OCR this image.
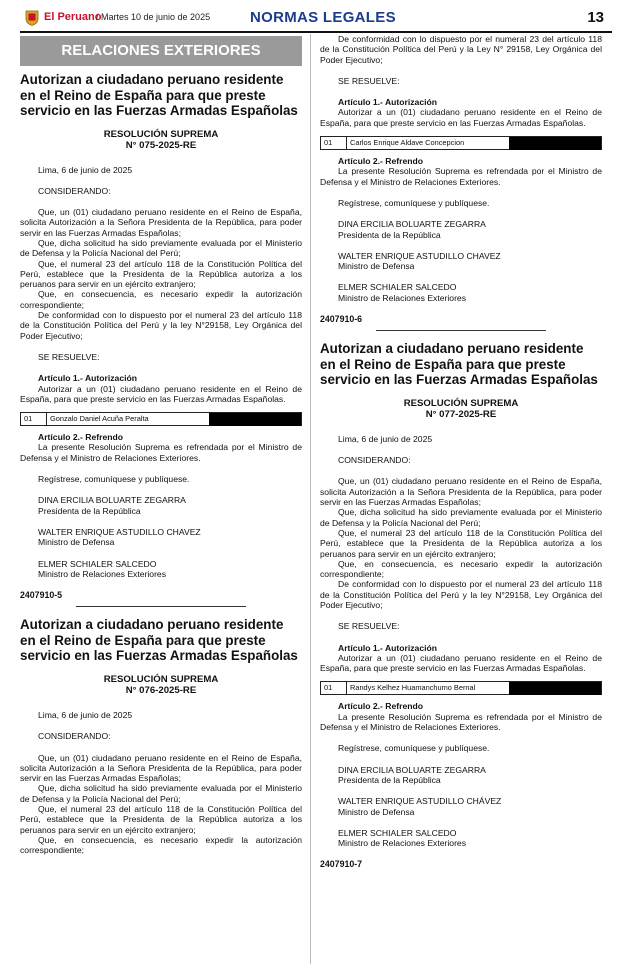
El Peruano
/ Martes 10 de junio de 2025	NORMAS LEGALES	13
RELACIONES EXTERIORES
Autorizan a ciudadano peruano residente en el Reino de España para que preste servicio en las Fuerzas Armadas Españolas
RESOLUCIÓN SUPREMA
N° 075-2025-RE

Lima, 6 de junio de 2025

CONSIDERANDO:

Que, un (01) ciudadano peruano residente en el Reino de España, solicita Autorización a la Señora Presidenta de la República, para poder servir en las Fuerzas Armadas Españolas;

Que, dicha solicitud ha sido previamente evaluada por el Ministerio de Defensa y la Policía Nacional del Perú;

Que, el numeral 23 del artículo 118 de la Constitución Política del Perú, establece que la Presidenta de la República autoriza a los peruanos para servir en un ejército extranjero;

Que, en consecuencia, es necesario expedir la autorización correspondiente;

De conformidad con lo dispuesto por el numeral 23 del artículo 118 de la Constitución Política del Perú y la ley N°29158, Ley Orgánica del Poder Ejecutivo;

SE RESUELVE:

Artículo 1.- Autorización

Autorizar a un (01) ciudadano peruano residente en el Reino de España, para que preste servicio en las Fuerzas Armadas Españolas.

01	Gonzalo Daniel Acuña Peralta

Artículo 2.- Refrendo

La presente Resolución Suprema es refrendada por el Ministro de Defensa y el Ministro de Relaciones Exteriores.

Regístrese, comuníquese y publíquese.

DINA ERCILIA BOLUARTE ZEGARRA

Presidenta de la República

WALTER ENRIQUE ASTUDILLO CHAVEZ

Ministro de Defensa

ELMER SCHIALER SALCEDO

Ministro de Relaciones Exteriores

2407910-5

Autorizan a ciudadano peruano residente en el Reino de España para que preste servicio en las Fuerzas Armadas Españolas
RESOLUCIÓN SUPREMA
N° 076-2025-RE

Lima, 6 de junio de 2025

CONSIDERANDO:

Que, un (01) ciudadano peruano residente en el Reino de España, solicita Autorización a la Señora Presidenta de la República, para poder servir en las Fuerzas Armadas Españolas;

Que, dicha solicitud ha sido previamente evaluada por el Ministerio de Defensa y la Policía Nacional del Perú;

Que, el numeral 23 del artículo 118 de la Constitución Política del Perú, establece que la Presidenta de la República autoriza a los peruanos para servir en un ejército extranjero;

Que, en consecuencia, es necesario expedir la autorización correspondiente;

De conformidad con lo dispuesto por el numeral 23 del artículo 118 de la Constitución Política del Perú y la Ley N° 29158, Ley Orgánica del Poder Ejecutivo;

SE RESUELVE:

Artículo 1.- Autorización

Autorizar a un (01) ciudadano peruano residente en el Reino de España, para que preste servicio en las Fuerzas Armadas Españolas.

01	Carlos Enrique Aldave Concepcion

Artículo 2.- Refrendo

La presente Resolución Suprema es refrendada por el Ministro de Defensa y el Ministro de Relaciones Exteriores.

Regístrese, comuníquese y publíquese.

DINA ERCILIA BOLUARTE ZEGARRA

Presidenta de la República

WALTER ENRIQUE ASTUDILLO CHAVEZ

Ministro de Defensa

ELMER SCHIALER SALCEDO

Ministro de Relaciones Exteriores

2407910-6

Autorizan a ciudadano peruano residente en el Reino de España para que preste servicio en las Fuerzas Armadas Españolas
RESOLUCIÓN SUPREMA
N° 077-2025-RE

Lima, 6 de junio de 2025

CONSIDERANDO:

Que, un (01) ciudadano peruano residente en el Reino de España, solicita Autorización a la Señora Presidenta de la República, para poder servir en las Fuerzas Armadas Españolas;

Que, dicha solicitud ha sido previamente evaluada por el Ministerio de Defensa y la Policía Nacional del Perú;

Que, el numeral 23 del artículo 118 de la Constitución Política del Perú, establece que la Presidenta de la República autoriza a los peruanos para servir en un ejército extranjero;

Que, en consecuencia, es necesario expedir la autorización correspondiente;

De conformidad con lo dispuesto por el numeral 23 del artículo 118 de la Constitución Política del Perú y la ley N°29158, Ley Orgánica del Poder Ejecutivo;

SE RESUELVE:

Artículo 1.- Autorización

Autorizar a un (01) ciudadano peruano residente en el Reino de España, para que preste servicio en las Fuerzas Armadas Españolas.

01	Randys Kelhez Huamanchumo Bernal

Artículo 2.- Refrendo

La presente Resolución Suprema es refrendada por el Ministro de Defensa y el Ministro de Relaciones Exteriores.

Regístrese, comuníquese y publíquese.

DINA ERCILIA BOLUARTE ZEGARRA

Presidenta de la República

WALTER ENRIQUE ASTUDILLO CHÁVEZ

Ministro de Defensa

ELMER SCHIALER SALCEDO

Ministro de Relaciones Exteriores

2407910-7
